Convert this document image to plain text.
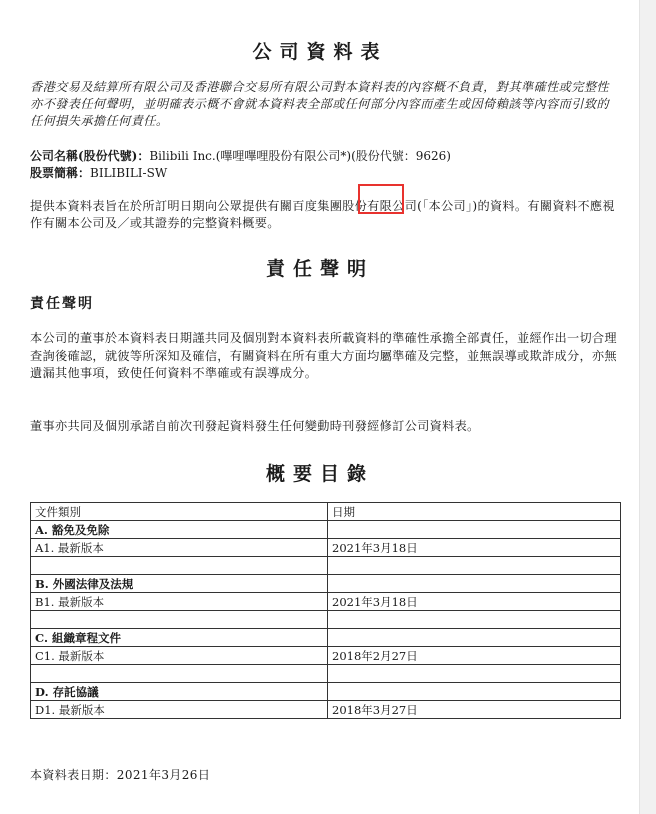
公司資料表
香港交易及結算所有限公司及香港聯合交易所有限公司對本資料表的內容概不負責，對其準確性或完整性亦不發表任何聲明，並明確表示概不會就本資料表全部或任何部分內容而產生或因倚賴該等內容而引致的任何損失承擔任何責任。
公司名稱(股份代號)：Bilibili Inc.(嗶哩嗶哩股份有限公司*)(股份代號：9626)
股票簡稱：BILIBILI-SW
提供本資料表旨在於所訂明日期向公眾提供有關百度集團股份有限公司(「本公司」)的資料。有關資料不應視作有關本公司及／或其證券的完整資料概要。
責任聲明
責任聲明
本公司的董事於本資料表日期謹共同及個別對本資料表所載資料的準確性承擔全部責任，並經作出一切合理查詢後確認，就彼等所深知及確信，有關資料在所有重大方面均屬準確及完整，並無誤導或欺詐成分，亦無遺漏其他事項，致使任何資料不準確或有誤導成分。
董事亦共同及個別承諾自前次刊發起資料發生任何變動時刊發經修訂公司資料表。
概要目錄
文件類別	日期
A. 豁免及免除	
A1. 最新版本	2021年3月18日

B. 外國法律及法規	
B1. 最新版本	2021年3月18日

C. 組織章程文件	
C1. 最新版本	2018年2月27日

D. 存託協議	
D1. 最新版本	2018年3月27日
本資料表日期：2021年3月26日
